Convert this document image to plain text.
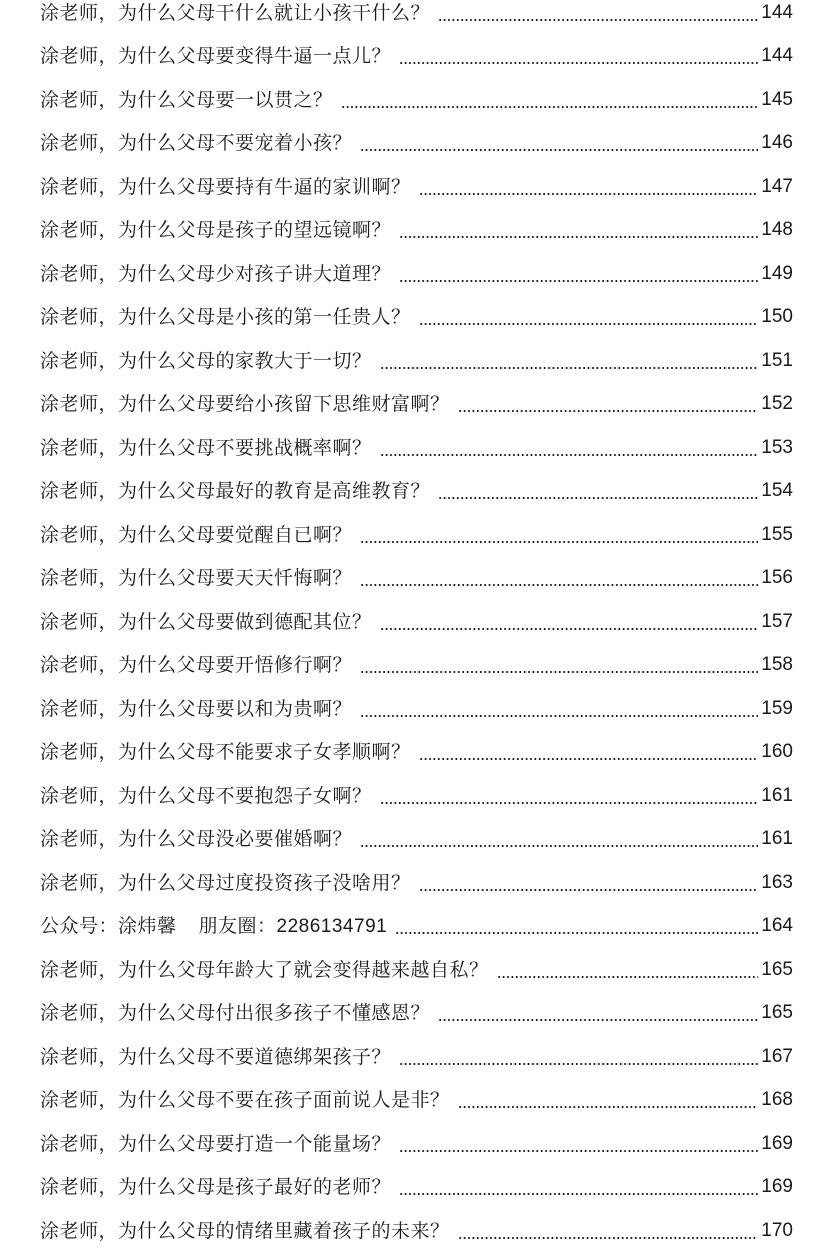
涂老师，为什么父母干什么就让小孩干什么？	144
涂老师，为什么父母要变得牛逼一点儿？	144
涂老师，为什么父母要一以贯之？	145
涂老师，为什么父母不要宠着小孩？	146
涂老师，为什么父母要持有牛逼的家训啊？	147
涂老师，为什么父母是孩子的望远镜啊？	148
涂老师，为什么父母少对孩子讲大道理？	149
涂老师，为什么父母是小孩的第一任贵人？	150
涂老师，为什么父母的家教大于一切？	151
涂老师，为什么父母要给小孩留下思维财富啊？	152
涂老师，为什么父母不要挑战概率啊？	153
涂老师，为什么父母最好的教育是高维教育？	154
涂老师，为什么父母要觉醒自已啊？	155
涂老师，为什么父母要天天忏悔啊？	156
涂老师，为什么父母要做到德配其位？	157
涂老师，为什么父母要开悟修行啊？	158
涂老师，为什么父母要以和为贵啊？	159
涂老师，为什么父母不能要求子女孝顺啊？	160
涂老师，为什么父母不要抱怨子女啊？	161
涂老师，为什么父母没必要催婚啊？	161
涂老师，为什么父母过度投资孩子没啥用？	163
公众号：涂炜馨 朋友圈：2286134791	164
涂老师，为什么父母年龄大了就会变得越来越自私？	165
涂老师，为什么父母付出很多孩子不懂感恩？	165
涂老师，为什么父母不要道德绑架孩子？	167
涂老师，为什么父母不要在孩子面前说人是非？	168
涂老师，为什么父母要打造一个能量场？	169
涂老师，为什么父母是孩子最好的老师？	169
涂老师，为什么父母的情绪里藏着孩子的未来？	170
